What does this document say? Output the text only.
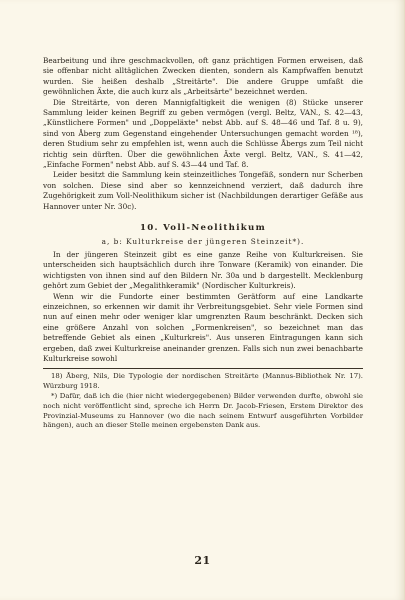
Bearbeitung und ihre geschmackvollen, oft ganz prächtigen Formen erweisen, daß sie offenbar nicht alltäglichen Zwecken dienten, sondern als Kampfwaffen benutzt wurden. Sie heißen deshalb „Streitärte". Die andere Gruppe umfaßt die gewöhnlichen Äxte, die auch kurz als „Arbeitsärte" bezeichnet werden.

Die Streitärte, von deren Mannigfaltigkeit die wenigen (8) Stücke unserer Sammlung leider keinen Begriff zu geben vermögen (vergl. Beltz, VAN., S. 42—43, „Künstlichere Formen" und „Doppeläxte" nebst Abb. auf S. 48—46 und Taf. 8 u. 9), sind von Åberg zum Gegenstand eingehender Untersuchungen gemacht worden ¹⁸), deren Studium sehr zu empfehlen ist, wenn auch die Schlüsse Åbergs zum Teil nicht richtig sein dürften. Über die gewöhnlichen Äxte vergl. Beltz, VAN., S. 41—42, „Einfache Formen" nebst Abb. auf S. 43—44 und Taf. 8.

Leider besitzt die Sammlung kein steinzeitliches Tongefäß, sondern nur Scherben von solchen. Diese sind aber so kennzeichnend verziert, daß dadurch ihre Zugehörigkeit zum Voll-Neolithikum sicher ist (Nachbildungen derartiger Gefäße aus Hannover unter Nr. 30c).

10. Voll-Neolithikum
a, b: Kulturkreise der jüngeren Steinzeit*).

In der jüngeren Steinzeit gibt es eine ganze Reihe von Kulturkreisen. Sie unterscheiden sich hauptsächlich durch ihre Tonware (Keramik) von einander. Die wichtigsten von ihnen sind auf den Bildern Nr. 30a und b dargestellt. Mecklenburg gehört zum Gebiet der „Megalithkeramik" (Nordischer Kulturkreis).

Wenn wir die Fundorte einer bestimmten Gerätform auf eine Landkarte einzeichnen, so erkennen wir damit ihr Verbreitungsgebiet. Sehr viele Formen sind nun auf einen mehr oder weniger klar umgrenzten Raum beschränkt. Decken sich eine größere Anzahl von solchen „Formenkreisen", so bezeichnet man das betreffende Gebiet als einen „Kulturkreis". Aus unseren Eintragungen kann sich ergeben, daß zwei Kulturkreise aneinander grenzen. Falls sich nun zwei benachbarte Kulturkreise sowohl

18) Åberg, Nils, Die Typologie der nordischen Streitärte (Mannus-Bibliothek Nr. 17). Würzburg 1918.

*) Dafür, daß ich die (hier nicht wiedergegebenen) Bilder verwenden durfte, obwohl sie noch nicht veröffentlicht sind, spreche ich Herrn Dr. Jacob-Friesen, Erstem Direktor des Provinzial-Museums zu Hannover (wo die nach seinem Entwurf ausgeführten Vorbilder hängen), auch an dieser Stelle meinen ergebensten Dank aus.

21
